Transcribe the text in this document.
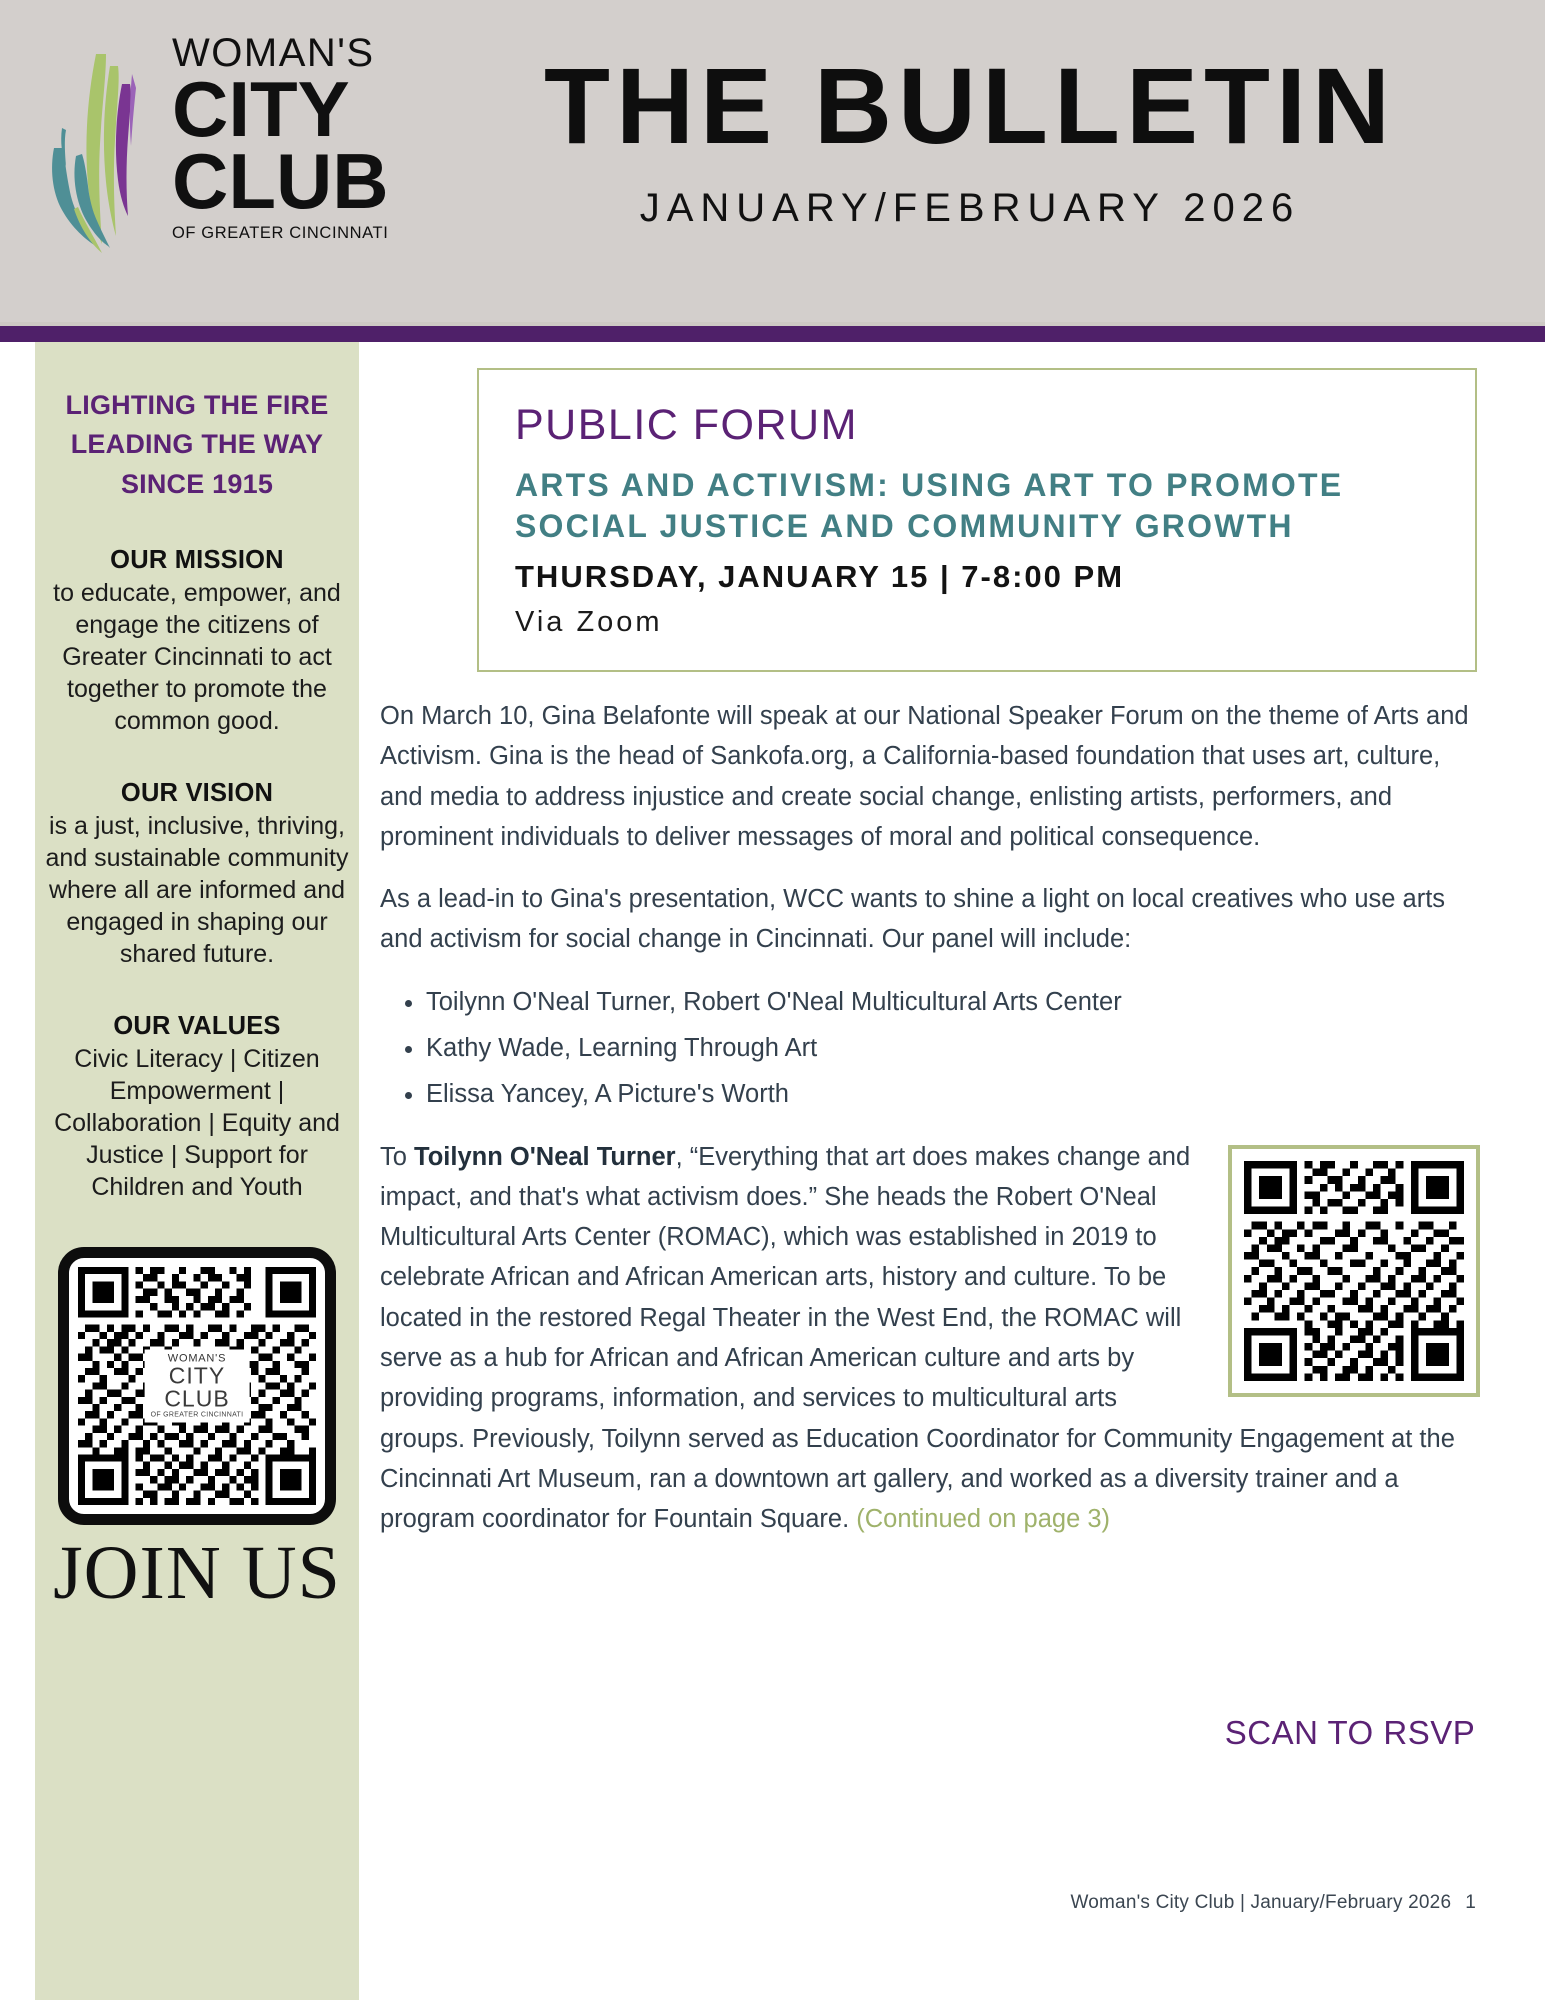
WOMAN'S
CITY
CLUB
OF GREATER CINCINNATI
THE BULLETIN
JANUARY/FEBRUARY 2026
LIGHTING THE FIRE
LEADING THE WAY
SINCE 1915
OUR MISSION
to educate, empower, and engage the citizens of Greater Cincinnati to act together to promote the common good.
OUR VISION
is a just, inclusive, thriving, and sustainable community where all are informed and engaged in shaping our shared future.
OUR VALUES
Civic Literacy | Citizen Empowerment | Collaboration | Equity and Justice | Support for Children and Youth
WOMAN'S
CITY
CLUB
OF GREATER CINCINNATI
JOIN US
PUBLIC FORUM
ARTS AND ACTIVISM: USING ART TO PROMOTE SOCIAL JUSTICE AND COMMUNITY GROWTH
THURSDAY, JANUARY 15 | 7-8:00 PM
Via Zoom

On March 10, Gina Belafonte will speak at our National Speaker Forum on the theme of Arts and Activism. Gina is the head of Sankofa.org, a California-based foundation that uses art, culture, and media to address injustice and create social change, enlisting artists, performers, and prominent individuals to deliver messages of moral and political consequence.

As a lead-in to Gina's presentation, WCC wants to shine a light on local creatives who use arts and activism for social change in Cincinnati. Our panel will include:

• Toilynn O'Neal Turner, Robert O'Neal Multicultural Arts Center
• Kathy Wade, Learning Through Art
• Elissa Yancey, A Picture's Worth

To Toilynn O'Neal Turner, “Everything that art does makes change and impact, and that's what activism does.” She heads the Robert O'Neal Multicultural Arts Center (ROMAC), which was established in 2019 to celebrate African and African American arts, history and culture. To be located in the restored Regal Theater in the West End, the ROMAC will serve as a hub for African and African American culture and arts by providing programs, information, and services to multicultural arts groups. Previously, Toilynn served as Education Coordinator for Community Engagement at the Cincinnati Art Museum, ran a downtown art gallery, and worked as a diversity trainer and a program coordinator for Fountain Square. (Continued on page 3)

SCAN TO RSVP
Woman's City Club | January/February 2026 1
